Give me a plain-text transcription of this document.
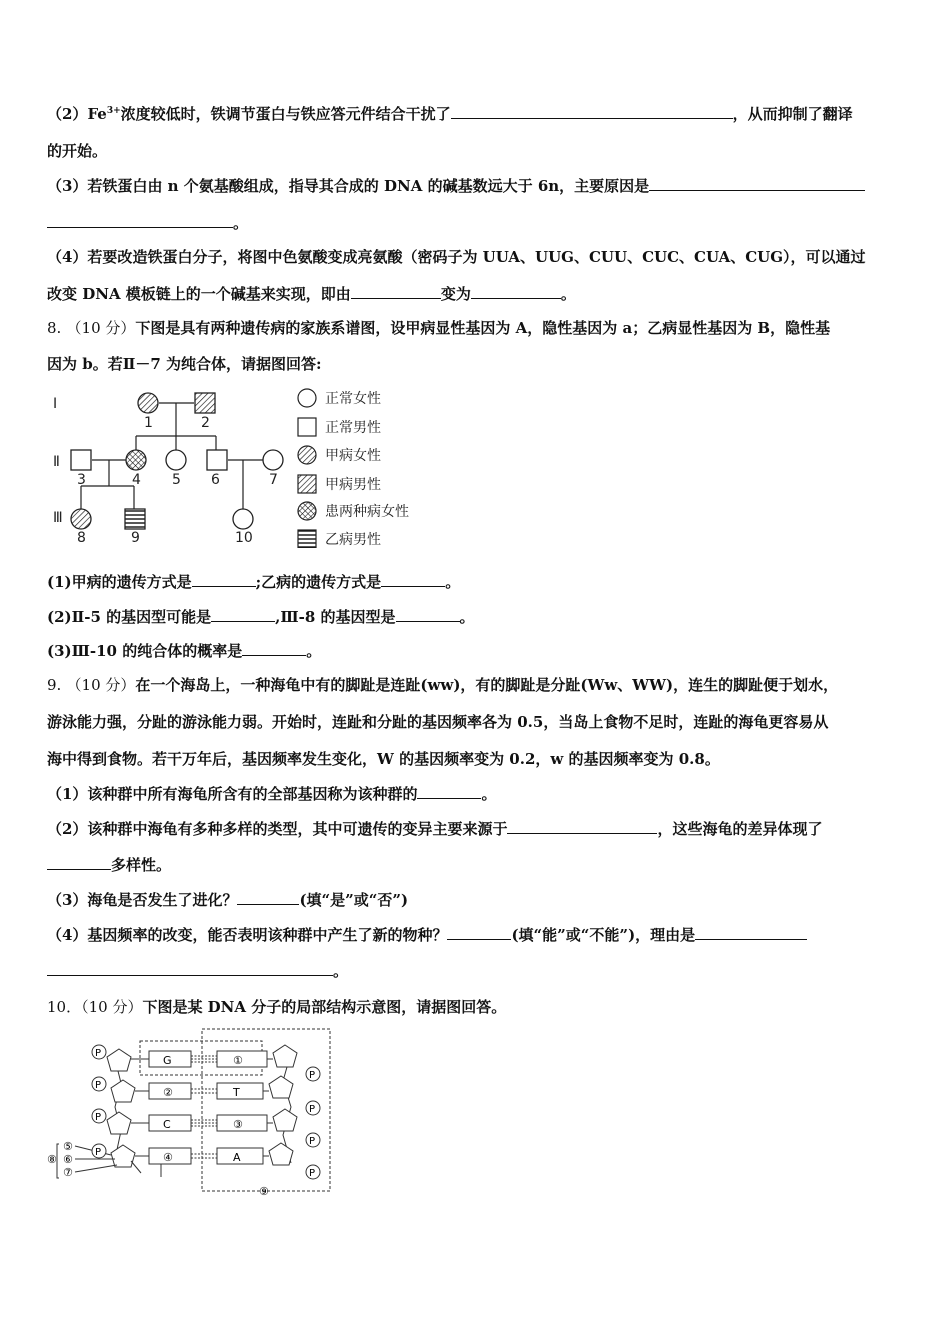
$(2)Fe^{3+}$浓度较低时，铁调节蛋白与铁应答元件结合干扰了	，从而抑制了翻译
的开始。
（3）若铁蛋白由 n 个氨基酸组成，指导其合成的 DNA 的碱基数远大于 6n，主要原因是
。
（4）若要改造铁蛋白分子，将图中色氨酸变成亮氨酸（密码子为 UUA、UUG、CUU、CUC、CUA、CUG），可以通过
改变 DNA 模板链上的一个碱基来实现，即由	变为	。
8. （10 分）下图是具有两种遗传病的家族系谱图，设甲病显性基因为 A，隐性基因为 a；乙病显性基因为 B，隐性基
因为 b。若Ⅱ－7 为纯合体，请据图回答:
Ⅰ
Ⅱ
Ⅲ
1	2
3	4 5 6	7
8	9	10
正常女性
正常男性
甲病女性
甲病男性
患两种病女性
乙病男性
(1)甲病的遗传方式是	;乙病的遗传方式是	。
(2)Ⅱ-5 的基因型可能是	,Ⅲ-8 的基因型是	。
(3)Ⅲ-10 的纯合体的概率是	。
9. （10 分）在一个海岛上，一种海龟中有的脚趾是连趾(ww)，有的脚趾是分趾(Ww、WW)，连生的脚趾便于划水，
游泳能力强，分趾的游泳能力弱。开始时，连趾和分趾的基因频率各为 0.5，当岛上食物不足时，连趾的海龟更容易从
海中得到食物。若干万年后，基因频率发生变化，W 的基因频率变为 0.2，w 的基因频率变为 0.8。
（1）该种群中所有海龟所含有的全部基因称为该种群的	。
（2）该种群中海龟有多种多样的类型，其中可遗传的变异主要来源于	，这些海龟的差异体现了
多样性。
（3）海龟是否发生了进化？	(填“是”或“否”)
（4）基因频率的改变，能否表明该种群中产生了新的物种？	(填“能”或“不能”)，理由是
。
10．（10 分）下图是某 DNA 分子的局部结构示意图，请据图回答。
P
P
P
P
P
P
P
P
G
②
C
④
①
T
③
A
⑤
⑥
⑦
⑧
⑨
